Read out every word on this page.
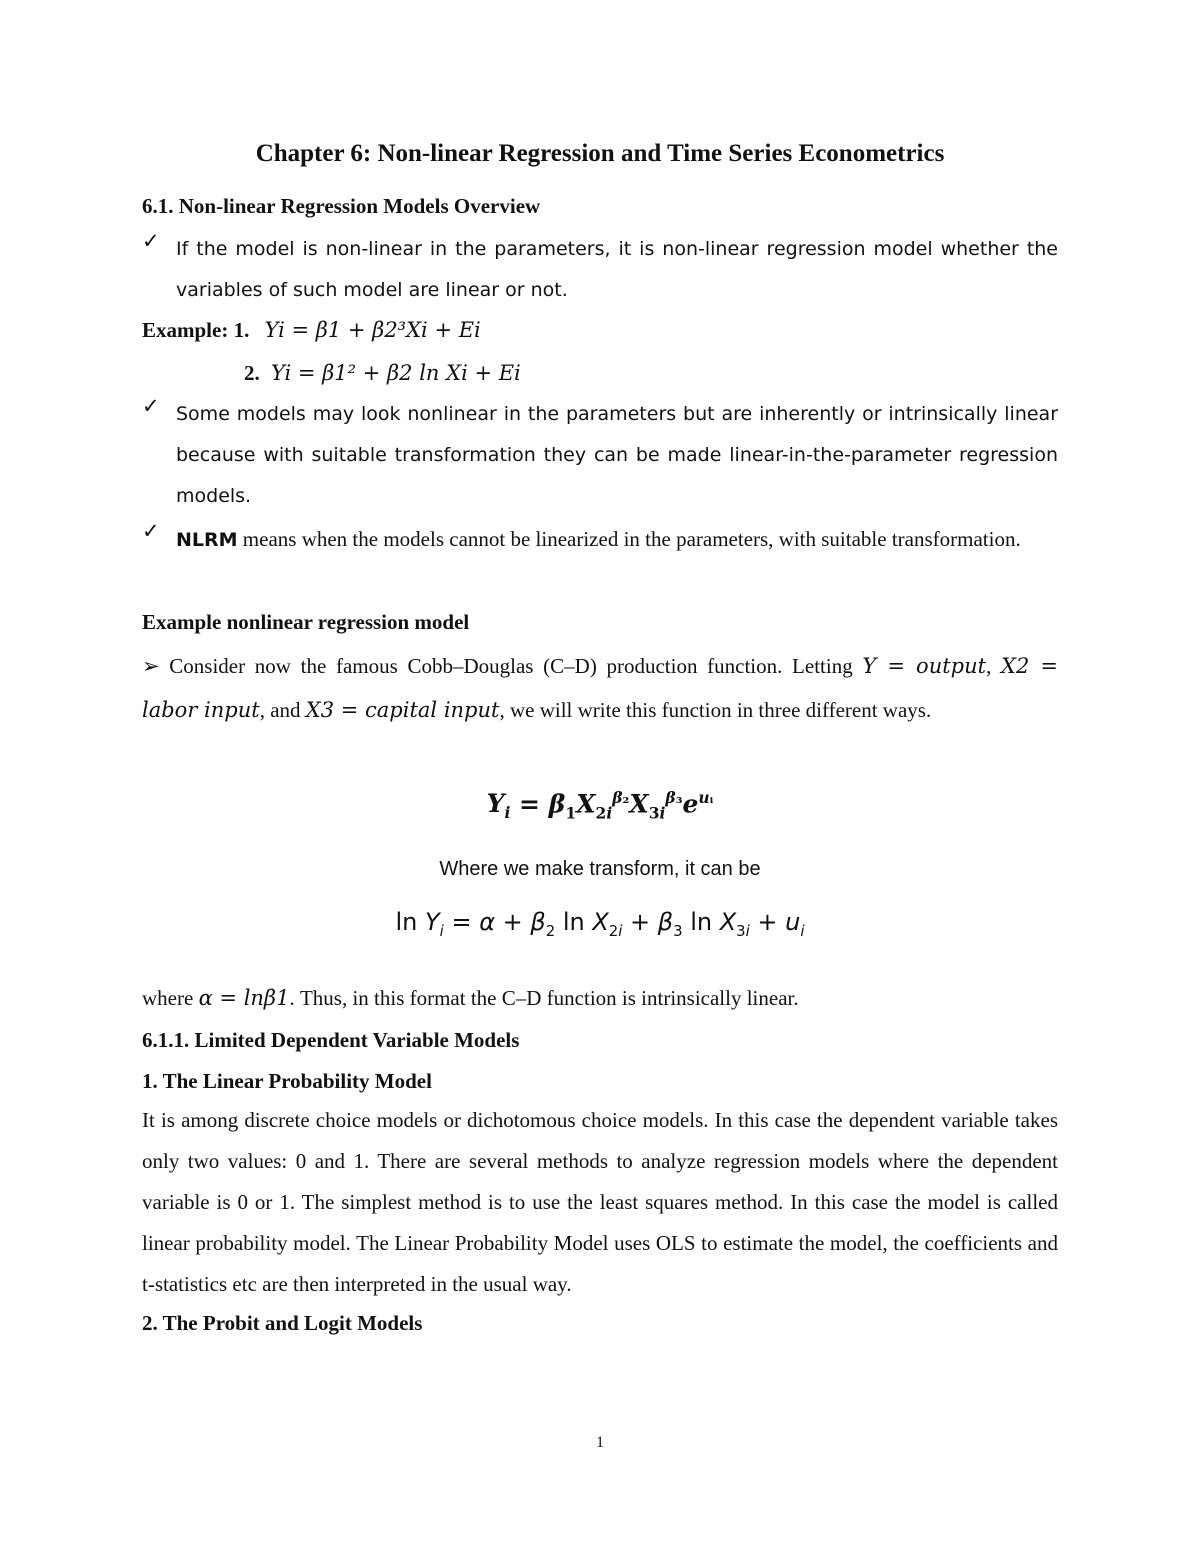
Chapter 6: Non-linear Regression and Time Series Econometrics
6.1. Non-linear Regression Models Overview
✓ If the model is non-linear in the parameters, it is non-linear regression model whether the variables of such model are linear or not.
Example: 1. Yi = β1 + β2³Xi + Ei
2. Yi = β1² + β2 ln Xi + Ei
✓ Some models may look nonlinear in the parameters but are inherently or intrinsically linear because with suitable transformation they can be made linear-in-the-parameter regression models.
✓ NLRM means when the models cannot be linearized in the parameters, with suitable transformation.
Example nonlinear regression model
➢ Consider now the famous Cobb–Douglas (C–D) production function. Letting Y = output, X2 = labor input, and X3 = capital input, we will write this function in three different ways.
$Y_i = \beta_1X_{2i}^{\beta_2}X_{3i}^{\beta_3}e^{uᵢ}$
Where we make transform, it can be
$\ln Y_i = \alpha + \beta_2$ $\ln X_{2i} + \beta_3$ $\ln X_{3i} + u_i$
where α = lnβ1. Thus, in this format the C–D function is intrinsically linear.
6.1.1. Limited Dependent Variable Models
1. The Linear Probability Model
It is among discrete choice models or dichotomous choice models. In this case the dependent variable takes only two values: 0 and 1. There are several methods to analyze regression models where the dependent variable is 0 or 1. The simplest method is to use the least squares method. In this case the model is called linear probability model. The Linear Probability Model uses OLS to estimate the model, the coefficients and t-statistics etc are then interpreted in the usual way.
2. The Probit and Logit Models
1
